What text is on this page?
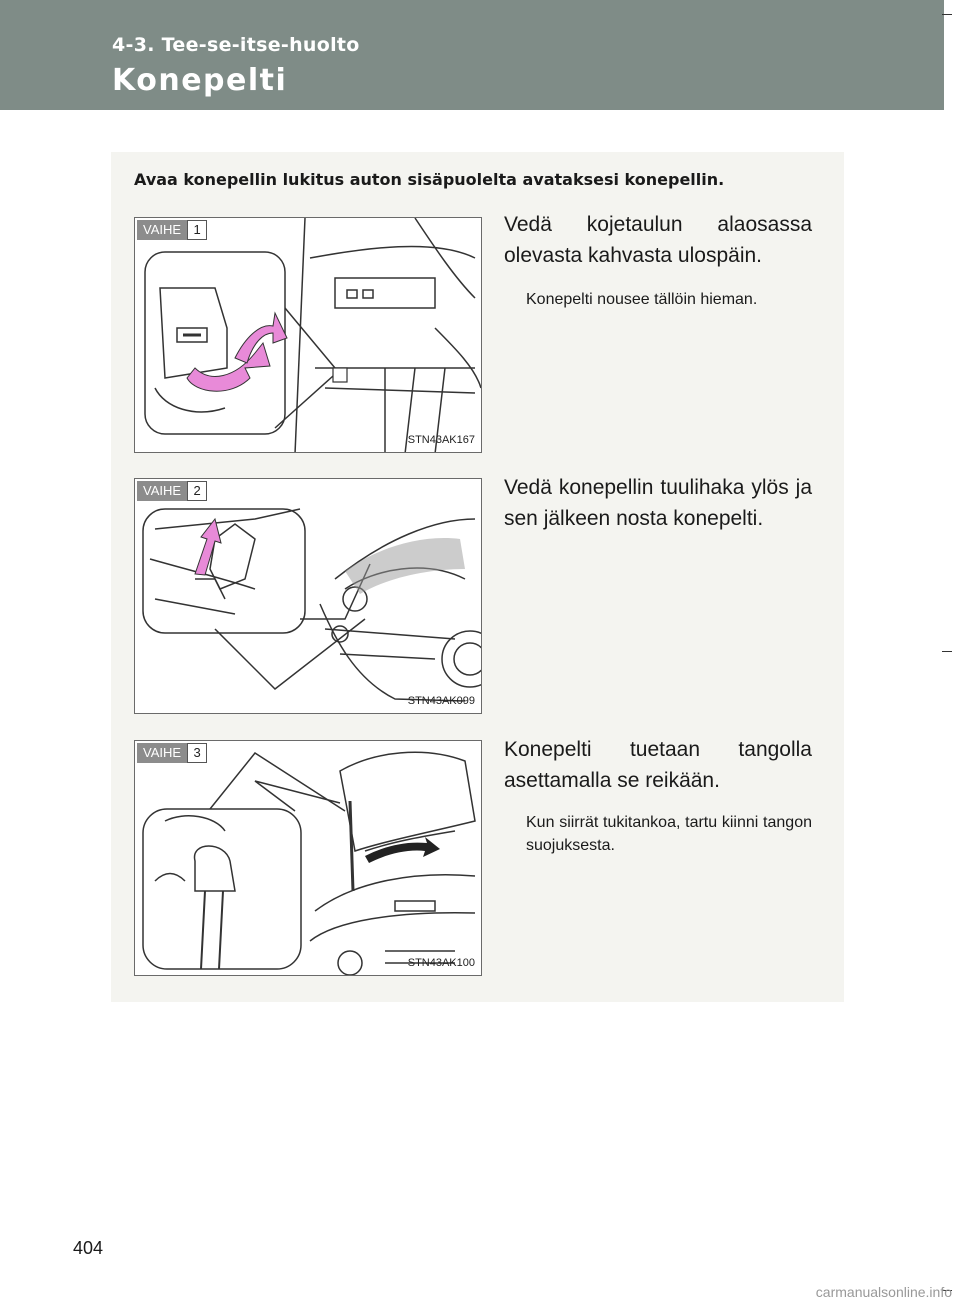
4-3. Tee-se-itse-huolto
Konepelti
Avaa konepellin lukitus auton sisäpuolelta avataksesi konepellin.
VAIHE 1
STN43AK167
Vedä kojetaulun alaosassa olevasta kahvasta ulospäin.
Konepelti nousee tällöin hieman.
VAIHE 2
STN43AK099
Vedä konepellin tuulihaka ylös ja sen jälkeen nosta konepelti.
VAIHE 3
STN43AK100
Konepelti tuetaan tangolla asettamalla se reikään.
Kun siirrät tukitankoa, tartu kiinni tangon suojuksesta.
404
carmanualsonline.info
